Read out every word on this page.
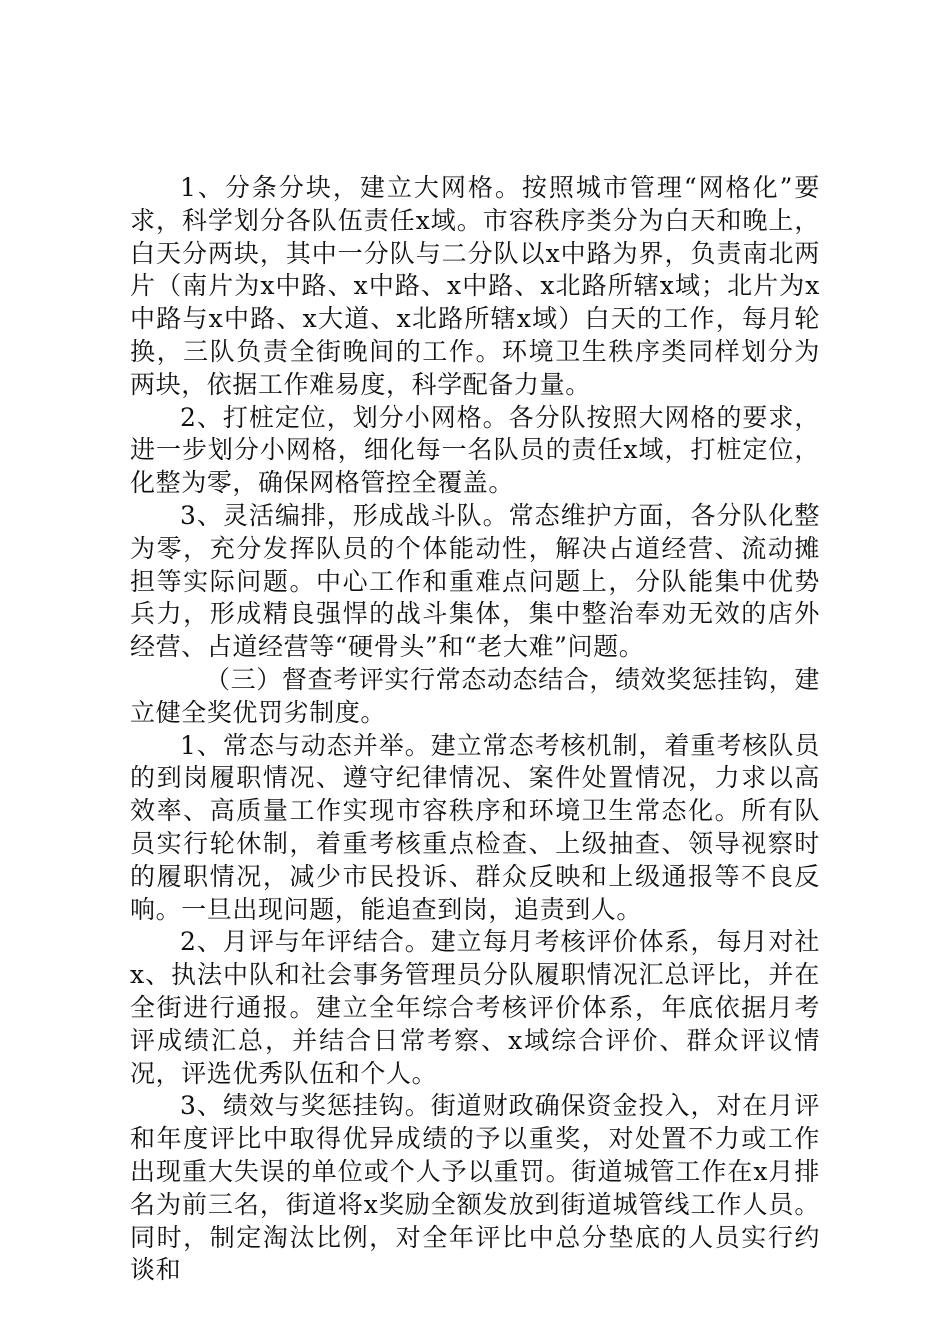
1、分条分块，建立大网格。按照城市管理“网格化”要求，科学划分各队伍责任x域。市容秩序类分为白天和晚上，白天分两块，其中一分队与二分队以x中路为界，负责南北两片（南片为x中路、x中路、x中路、x北路所辖x域；北片为x中路与x中路、x大道、x北路所辖x域）白天的工作，每月轮换，三队负责全街晚间的工作。环境卫生秩序类同样划分为两块，依据工作难易度，科学配备力量。

2、打桩定位，划分小网格。各分队按照大网格的要求，进一步划分小网格，细化每一名队员的责任x域，打桩定位，化整为零，确保网格管控全覆盖。

3、灵活编排，形成战斗队。常态维护方面，各分队化整为零，充分发挥队员的个体能动性，解决占道经营、流动摊担等实际问题。中心工作和重难点问题上，分队能集中优势兵力，形成精良强悍的战斗集体，集中整治奉劝无效的店外经营、占道经营等“硬骨头”和“老大难”问题。

（三）督查考评实行常态动态结合，绩效奖惩挂钩，建立健全奖优罚劣制度。

1、常态与动态并举。建立常态考核机制，着重考核队员的到岗履职情况、遵守纪律情况、案件处置情况，力求以高效率、高质量工作实现市容秩序和环境卫生常态化。所有队员实行轮休制，着重考核重点检查、上级抽查、领导视察时的履职情况，减少市民投诉、群众反映和上级通报等不良反响。一旦出现问题，能追查到岗，追责到人。

2、月评与年评结合。建立每月考核评价体系，每月对社x、执法中队和社会事务管理员分队履职情况汇总评比，并在全街进行通报。建立全年综合考核评价体系，年底依据月考评成绩汇总，并结合日常考察、x域综合评价、群众评议情况，评选优秀队伍和个人。

3、绩效与奖惩挂钩。街道财政确保资金投入，对在月评和年度评比中取得优异成绩的予以重奖，对处置不力或工作出现重大失误的单位或个人予以重罚。街道城管工作在x月排名为前三名，街道将x奖励全额发放到街道城管线工作人员。同时，制定淘汰比例，对全年评比中总分垫底的人员实行约谈和
